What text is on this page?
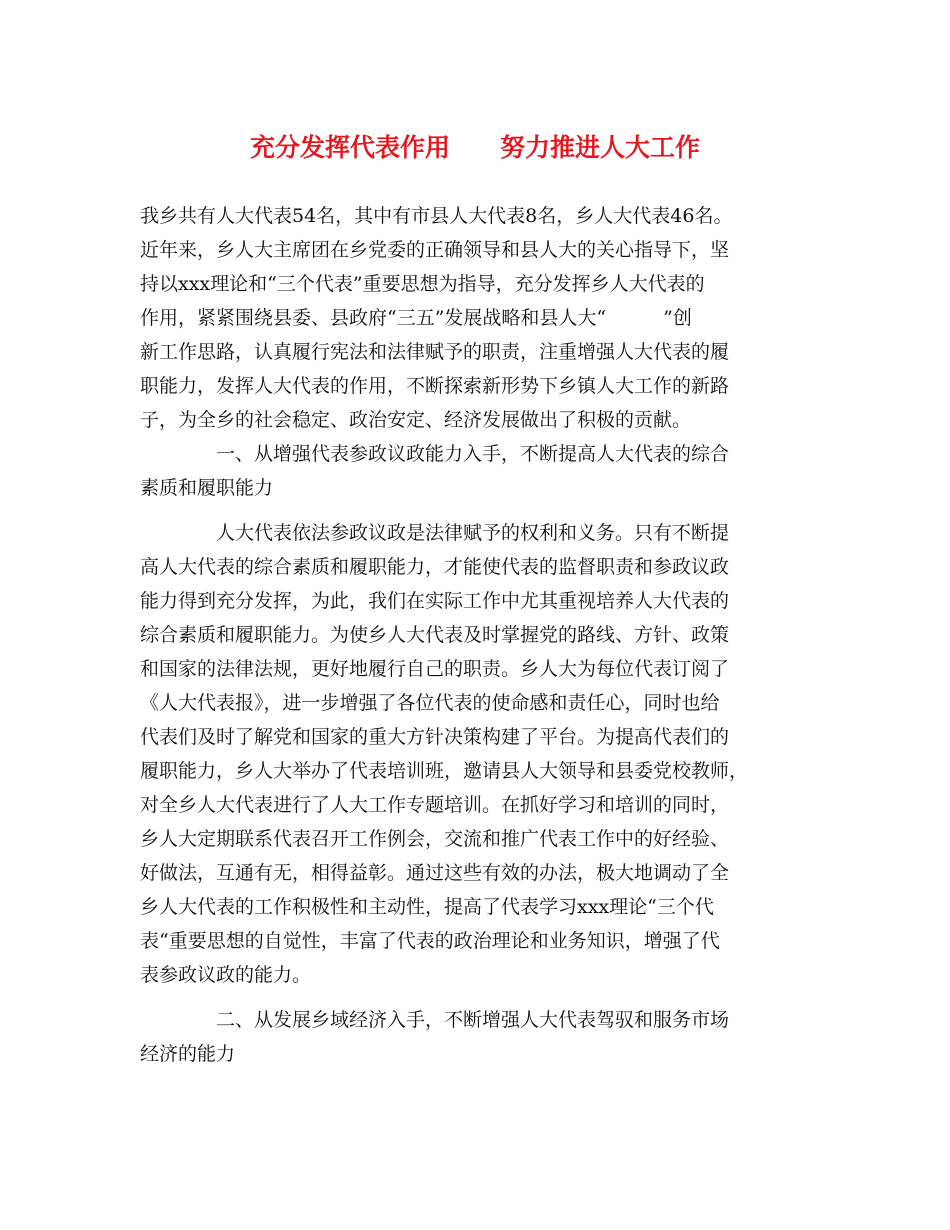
充分发挥代表作用　　努力推进人大工作
我乡共有人大代表54名，其中有市县人大代表8名，乡人大代表46名。
近年来，乡人大主席团在乡党委的正确领导和县人大的关心指导下，坚
持以xxx理论和“三个代表”重要思想为指导，充分发挥乡人大代表的
作用，紧紧围绕县委、县政府“三五”发展战略和县人大“　　　”创
新工作思路，认真履行宪法和法律赋予的职责，注重增强人大代表的履
职能力，发挥人大代表的作用，不断探索新形势下乡镇人大工作的新路
子，为全乡的社会稳定、政治安定、经济发展做出了积极的贡献。
一、从增强代表参政议政能力入手，不断提高人大代表的综合
素质和履职能力
人大代表依法参政议政是法律赋予的权利和义务。只有不断提
高人大代表的综合素质和履职能力，才能使代表的监督职责和参政议政
能力得到充分发挥，为此，我们在实际工作中尤其重视培养人大代表的
综合素质和履职能力。为使乡人大代表及时掌握党的路线、方针、政策
和国家的法律法规，更好地履行自己的职责。乡人大为每位代表订阅了
《人大代表报》，进一步增强了各位代表的使命感和责任心，同时也给
代表们及时了解党和国家的重大方针决策构建了平台。为提高代表们的
履职能力，乡人大举办了代表培训班，邀请县人大领导和县委党校教师，
对全乡人大代表进行了人大工作专题培训。在抓好学习和培训的同时，
乡人大定期联系代表召开工作例会，交流和推广代表工作中的好经验、
好做法，互通有无，相得益彰。通过这些有效的办法，极大地调动了全
乡人大代表的工作积极性和主动性，提高了代表学习xxx理论“三个代
表“重要思想的自觉性，丰富了代表的政治理论和业务知识，增强了代
表参政议政的能力。
二、从发展乡域经济入手，不断增强人大代表驾驭和服务市场
经济的能力
